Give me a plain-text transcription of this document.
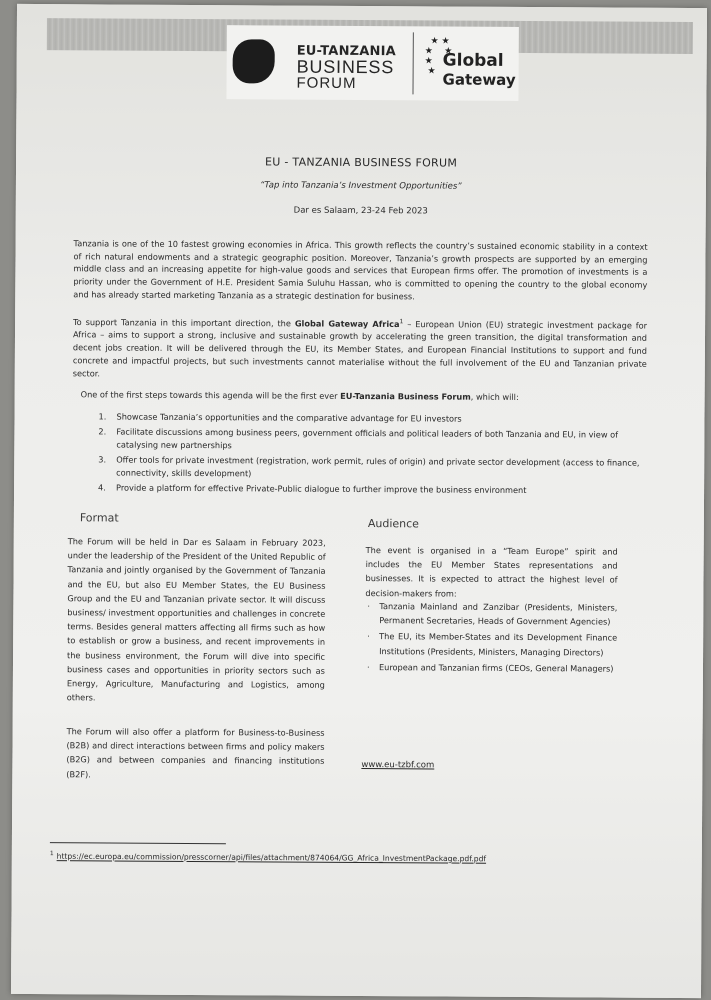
EU-TANZANIA
BUSINESS
FORUM
★ ★
★    ★
★
★
Global
Gateway
EU - TANZANIA BUSINESS FORUM
“Tap into Tanzania’s Investment Opportunities”
Dar es Salaam, 23-24 Feb 2023
Tanzania is one of the 10 fastest growing economies in Africa. This growth reflects the country’s sustained economic stability in a context of rich natural endowments and a strategic geographic position. Moreover, Tanzania’s growth prospects are supported by an emerging middle class and an increasing appetite for high-value goods and services that European firms offer. The promotion of investments is a priority under the Government of H.E. President Samia Suluhu Hassan, who is committed to opening the country to the global economy and has already started marketing Tanzania as a strategic destination for business.
To support Tanzania in this important direction, the Global Gateway Africa$^1$ – European Union (EU) strategic investment package for Africa – aims to support a strong, inclusive and sustainable growth by accelerating the green transition, the digital transformation and decent jobs creation. It will be delivered through the EU, its Member States, and European Financial Institutions to support and fund concrete and impactful projects, but such investments cannot materialise without the full involvement of the EU and Tanzanian private sector.
One of the first steps towards this agenda will be the first ever EU-Tanzania Business Forum, which will:
1. Showcase Tanzania’s opportunities and the comparative advantage for EU investors
2. Facilitate discussions among business peers, government officials and political leaders of both Tanzania and EU, in view of catalysing new partnerships
3. Offer tools for private investment (registration, work permit, rules of origin) and private sector development (access to finance, connectivity, skills development)
4. Provide a platform for effective Private-Public dialogue to further improve the business environment
Format	Audience
The Forum will be held in Dar es Salaam in February 2023, under the leadership of the President of the United Republic of Tanzania and jointly organised by the Government of Tanzania and the EU, but also EU Member States, the EU Business Group and the EU and Tanzanian private sector. It will discuss business/ investment opportunities and challenges in concrete terms. Besides general matters affecting all firms such as how to establish or grow a business, and recent improvements in the business environment, the Forum will dive into specific business cases and opportunities in priority sectors such as Energy, Agriculture, Manufacturing and Logistics, among others.
The Forum will also offer a platform for Business-to-Business (B2B) and direct interactions between firms and policy makers (B2G) and between companies and financing institutions (B2F).
The event is organised in a “Team Europe” spirit and includes the EU Member States representations and businesses. It is expected to attract the highest level of decision-makers from:
· Tanzania Mainland and Zanzibar (Presidents, Ministers, Permanent Secretaries, Heads of Government Agencies)
· The EU, its Member-States and its Development Finance Institutions (Presidents, Ministers, Managing Directors)
· European and Tanzanian firms (CEOs, General Managers)
www.eu-tzbf.com
$^1$ https://ec.europa.eu/commission/presscorner/api/files/attachment/874064/GG_Africa_InvestmentPackage.pdf.pdf
